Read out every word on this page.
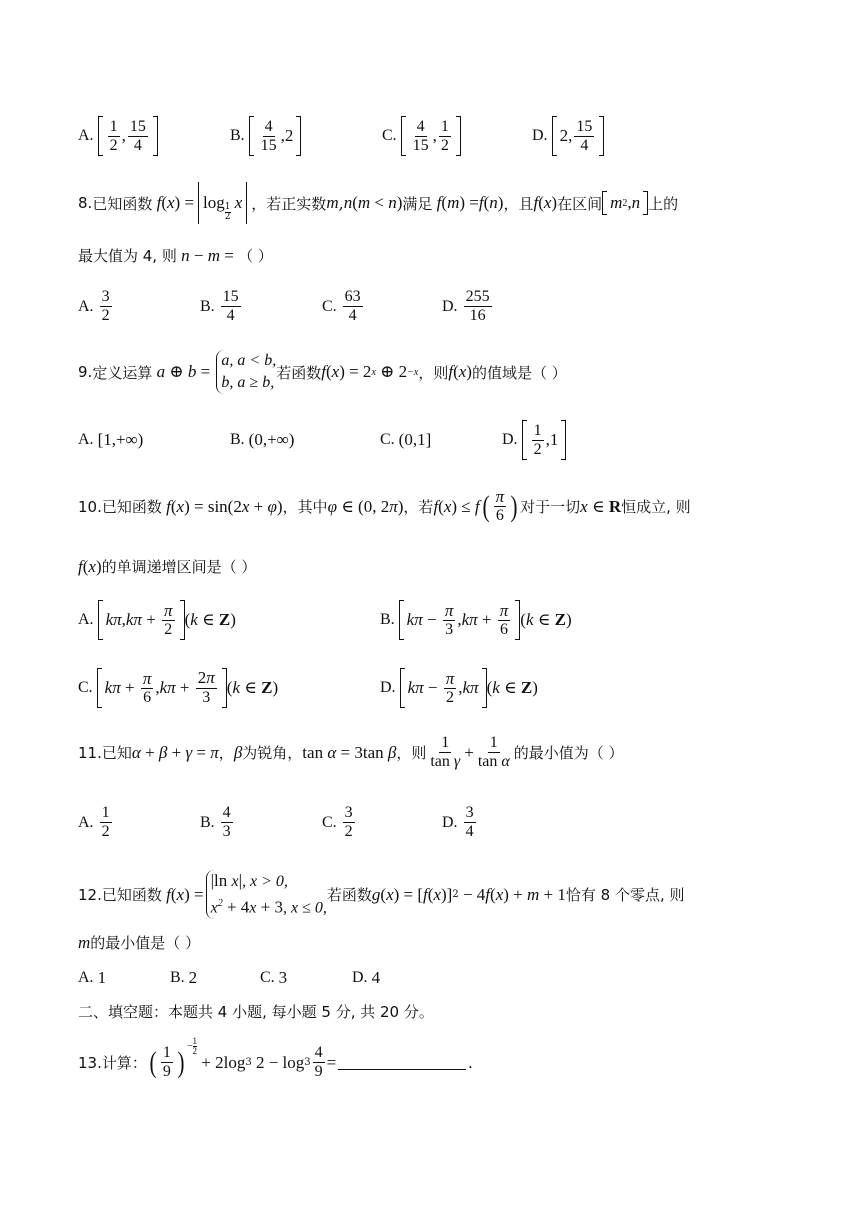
A. $\frac{1}{2}$ , $\frac{15}{4}$	B. $\frac{4}{15}$ , 2	C. $\frac{4}{15}$ , $\frac{1}{2}$	D. 2 , $\frac{15}{4}$
8. 已知函数 f ( x ) = $\log \frac{1}{2}$ x ，若正实数 m , n ( m < n ) 满足 f ( m ) = f ( n ) ，且 f ( x ) 在区间 m 2 , n 上的
最大值为 4, 则 n − m = （ ）
A. $\frac{3}{2}$	B. $\frac{15}{4}$	C. $\frac{63}{4}$	D. $\frac{255}{16}$
9. 定义运算 a ⊕ b =
a, a < b,
b, a ≥ b,
若函数 f ( x ) = 2 x ⊕ 2 −x ，则 f ( x ) 的值域是 （ ）
A. [1,+∞)	B. (0,+∞)	C. (0,1]	D. $\frac{1}{2}$ , 1
10. 已知函数 f ( x ) = sin(2 x + φ ) ，其中 φ ∈ (0, 2 π ) ，若 f ( x ) ≤ f ( $\frac{\pi}{6}$ ) 对于一切 x ∈ R 恒成立, 则
f ( x ) 的单调递增区间是 （ ）
A. kπ , $k\pi + \frac{\pi}{2}$ ( k ∈ Z )	B. $k\pi - \frac{\pi}{3}$ , $k\pi + \frac{\pi}{6}$ ( k ∈ Z )
C. $k\pi + \frac{\pi}{6}$ , $k\pi + \frac{2\pi}{3}$ ( k ∈ Z )	D. $k\pi - \frac{\pi}{2}$ , kπ ( k ∈ Z )
11. 已知 α + β + γ = π ， β 为锐角， tan α = 3tan β ，则 $\frac{1}{\text{tan γ}} + \frac{1}{\text{tan α}}$ 的最小值为 （ ）
A. $\frac{1}{2}$	B. $\frac{4}{3}$	C. $\frac{3}{2}$	D. $\frac{3}{4}$
12. 已知函数 f ( x ) =
|ln x|, x > 0,
$x^2 + 4x + 3$, x ≤ 0,
若函数 g ( x ) = [ f ( x )] 2 − 4 f ( x ) + m + 1 恰有 8 个零点, 则
m 的最小值是 （ ）
A. 1	B. 2	C. 3	D. 4
二、填空题：本题共 4 小题, 每小题 5 分, 共 20 分。
13. 计算： ( $\frac{1}{9}$ ) − $\frac{1}{2}$
+ 2log 3 $2 - \log 3 \frac{4}{9}$ =	.
